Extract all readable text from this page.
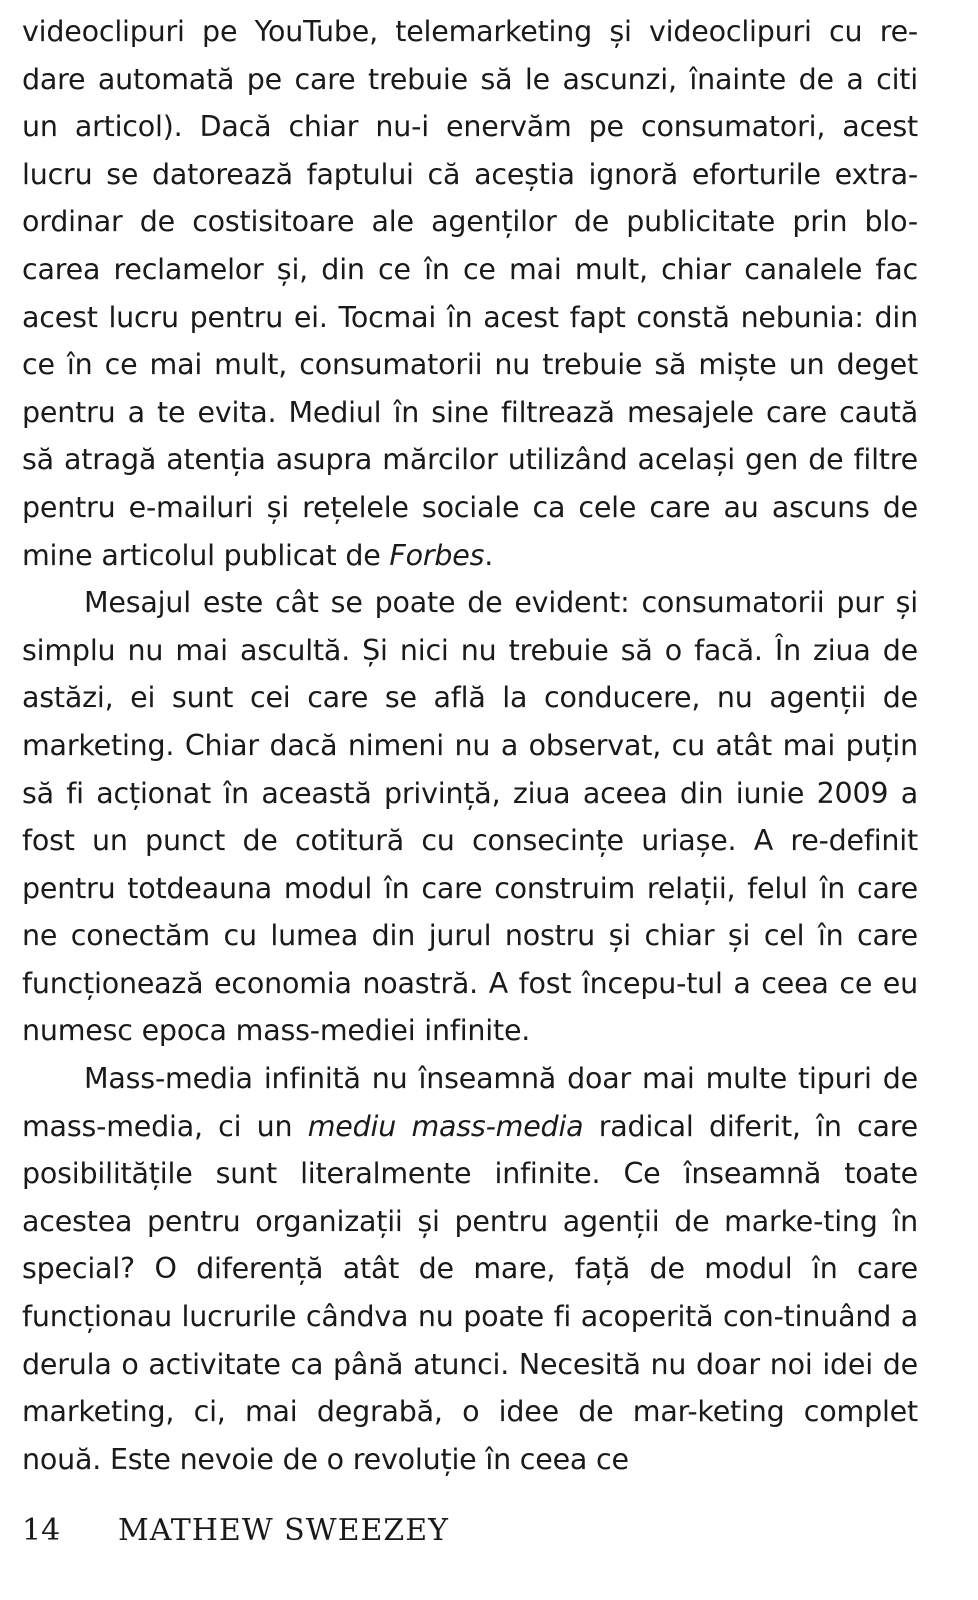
videoclipuri pe YouTube, telemarketing și videoclipuri cu re-dare automată pe care trebuie să le ascunzi, înainte de a citi un articol). Dacă chiar nu-i enervăm pe consumatori, acest lucru se datorează faptului că aceștia ignoră eforturile extra-ordinar de costisitoare ale agenților de publicitate prin blo-carea reclamelor și, din ce în ce mai mult, chiar canalele fac acest lucru pentru ei. Tocmai în acest fapt constă nebunia: din ce în ce mai mult, consumatorii nu trebuie să miște un deget pentru a te evita. Mediul în sine filtrează mesajele care caută să atragă atenția asupra mărcilor utilizând același gen de filtre pentru e-mailuri și rețelele sociale ca cele care au ascuns de mine articolul publicat de Forbes.

Mesajul este cât se poate de evident: consumatorii pur și simplu nu mai ascultă. Și nici nu trebuie să o facă. În ziua de astăzi, ei sunt cei care se află la conducere, nu agenții de marketing. Chiar dacă nimeni nu a observat, cu atât mai puțin să fi acționat în această privință, ziua aceea din iunie 2009 a fost un punct de cotitură cu consecințe uriașe. A re-definit pentru totdeauna modul în care construim relații, felul în care ne conectăm cu lumea din jurul nostru și chiar și cel în care funcționează economia noastră. A fost începu-tul a ceea ce eu numesc epoca mass-mediei infinite.

Mass-media infinită nu înseamnă doar mai multe tipuri de mass-media, ci un mediu mass-media radical diferit, în care posibilitățile sunt literalmente infinite. Ce înseamnă toate acestea pentru organizații și pentru agenții de marke-ting în special? O diferență atât de mare, față de modul în care funcționau lucrurile cândva nu poate fi acoperită con-tinuând a derula o activitate ca până atunci. Necesită nu doar noi idei de marketing, ci, mai degrabă, o idee de mar-keting complet nouă. Este nevoie de o revoluție în ceea ce

14	MATHEW SWEEZEY
